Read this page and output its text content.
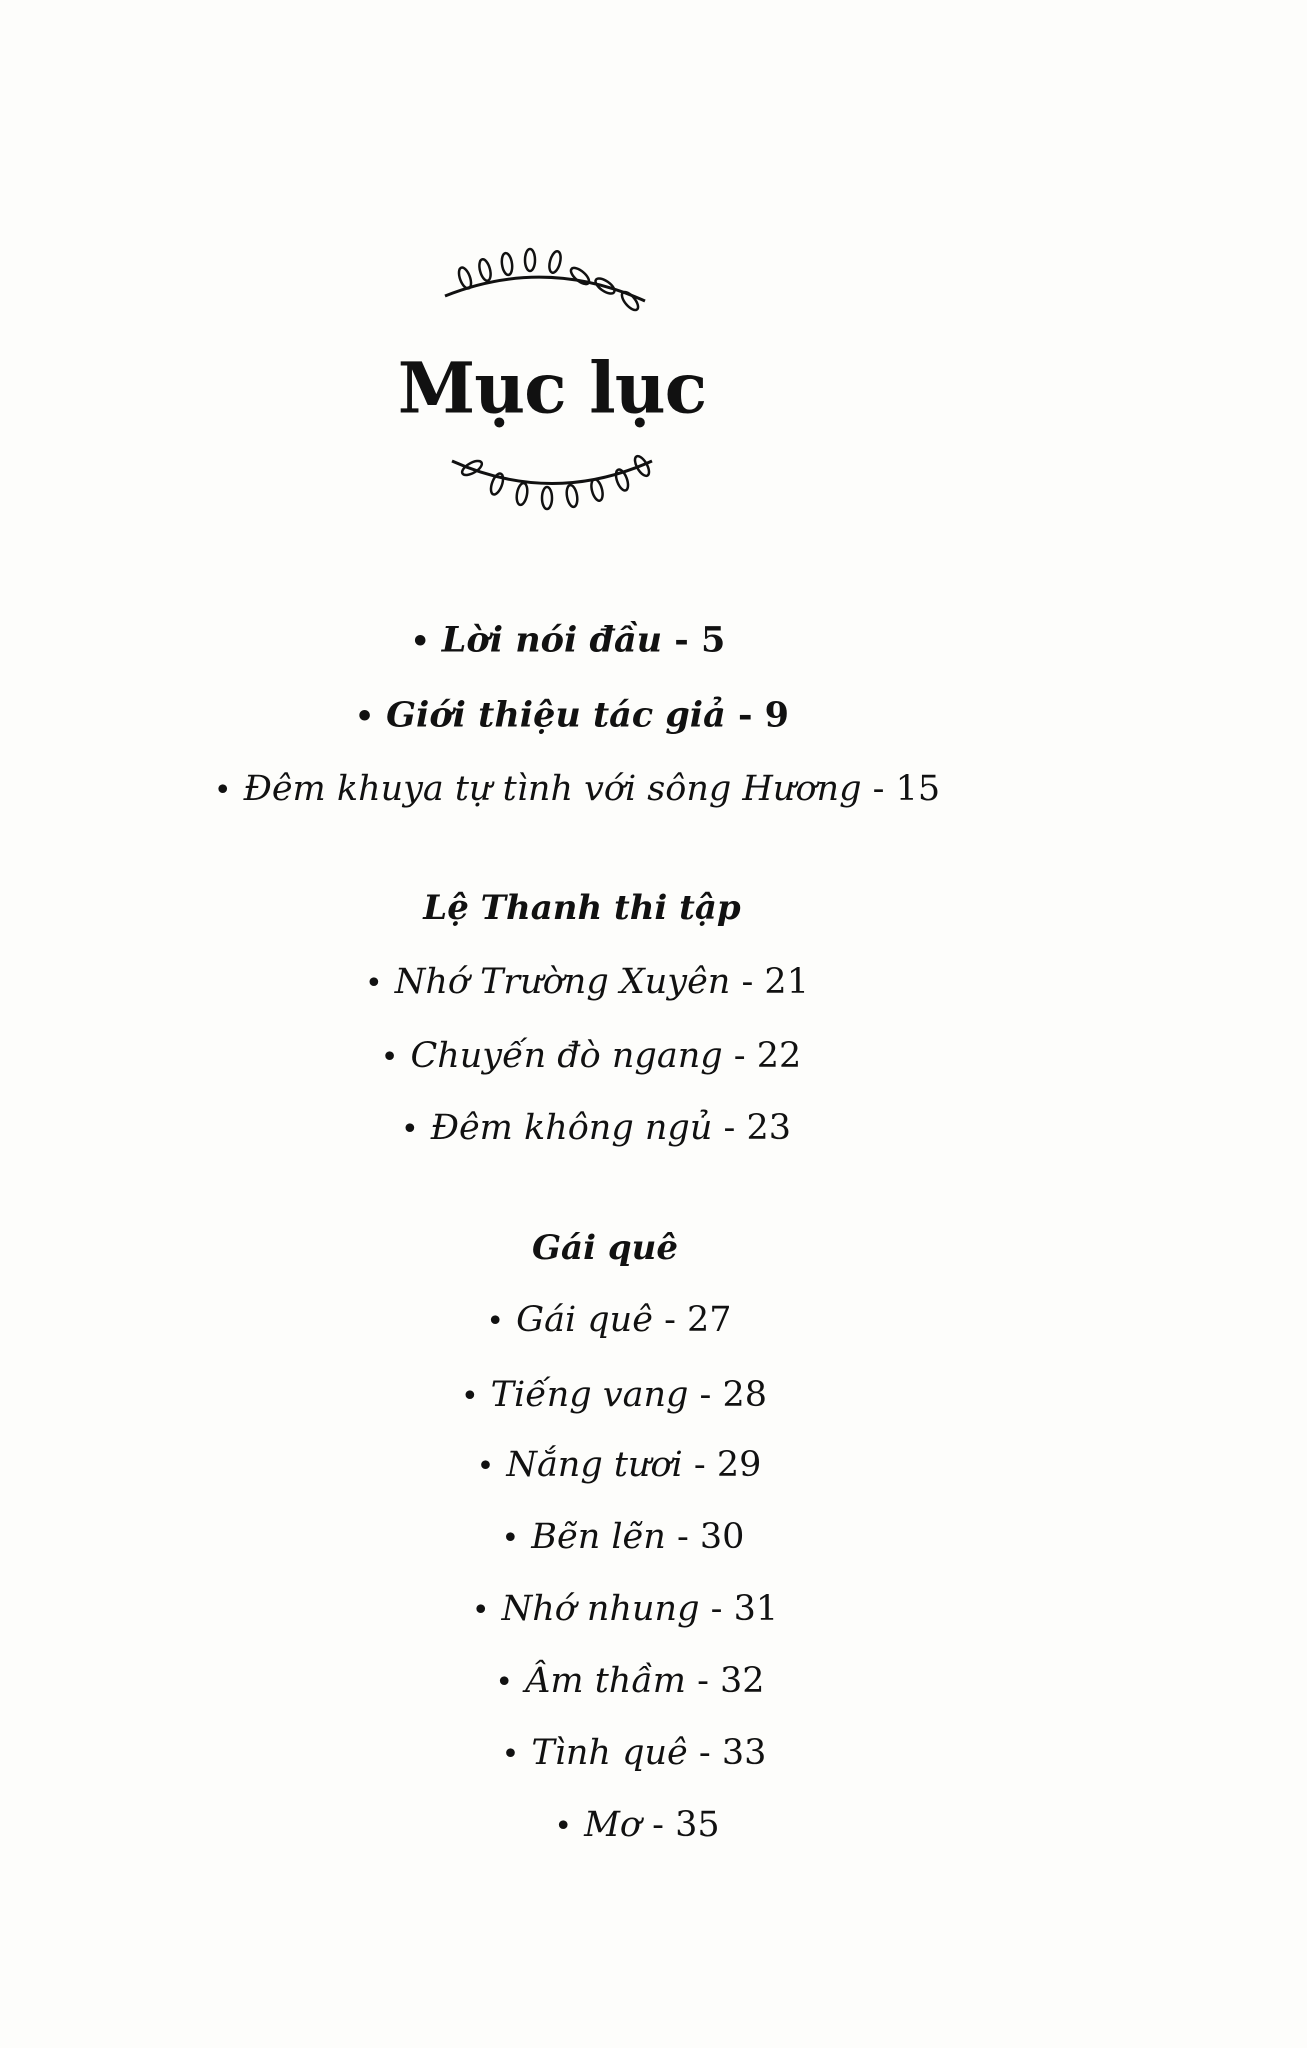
Mục lục
• Lời nói đầu - 5
• Giới thiệu tác giả - 9
• Đêm khuya tự tình với sông Hương - 15
Lệ Thanh thi tập
• Nhớ Trường Xuyên - 21
• Chuyến đò ngang - 22
• Đêm không ngủ - 23
Gái quê
• Gái quê - 27
• Tiếng vang - 28
• Nắng tươi - 29
• Bẽn lẽn - 30
• Nhớ nhung - 31
• Âm thầm - 32
• Tình quê - 33
• Mơ - 35
